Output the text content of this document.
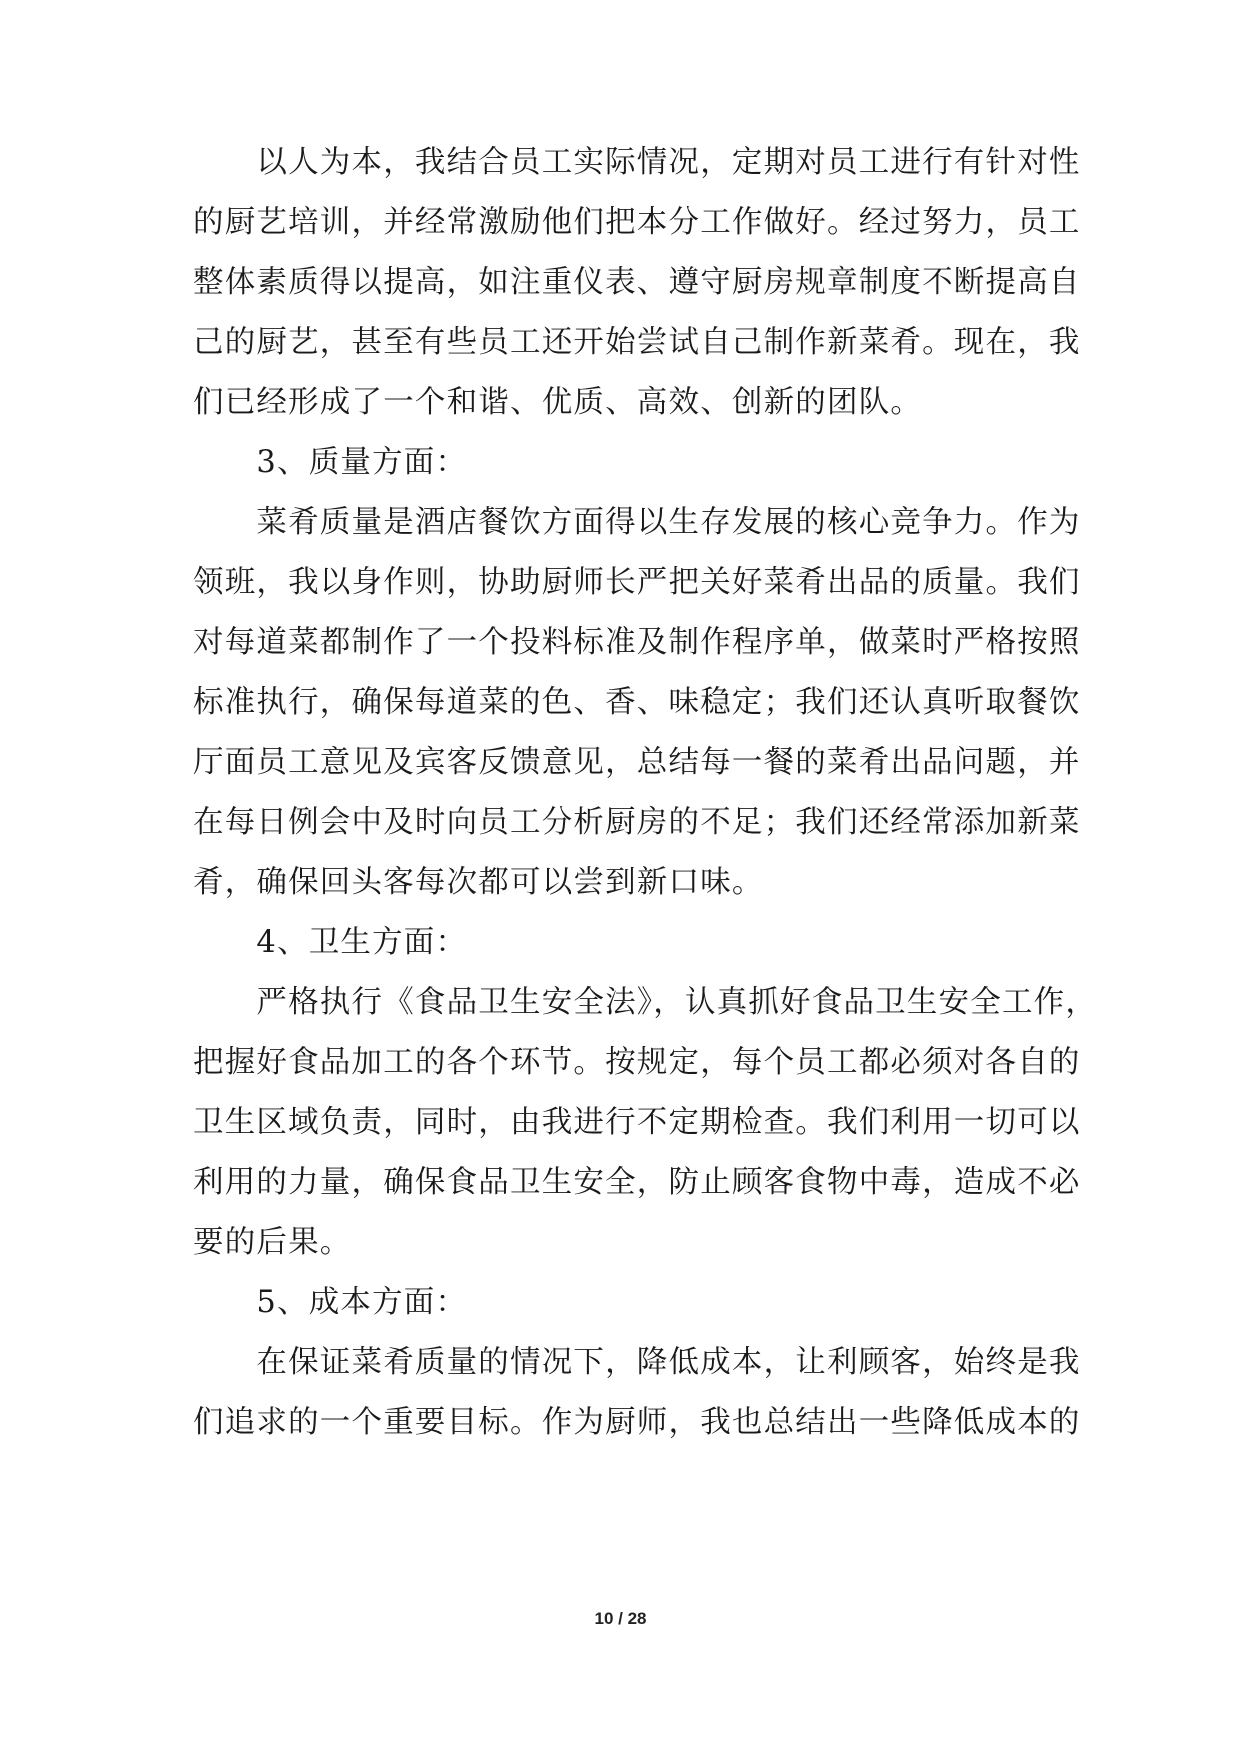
　　以人为本，我结合员工实际情况，定期对员工进行有针对性
的厨艺培训，并经常激励他们把本分工作做好。经过努力，员工
整体素质得以提高，如注重仪表、遵守厨房规章制度不断提高自
己的厨艺，甚至有些员工还开始尝试自己制作新菜肴。现在，我
们已经形成了一个和谐、优质、高效、创新的团队。
　　3、质量方面：
　　菜肴质量是酒店餐饮方面得以生存发展的核心竞争力。作为
领班，我以身作则，协助厨师长严把关好菜肴出品的质量。我们
对每道菜都制作了一个投料标准及制作程序单，做菜时严格按照
标准执行，确保每道菜的色、香、味稳定；我们还认真听取餐饮
厅面员工意见及宾客反馈意见，总结每一餐的菜肴出品问题，并
在每日例会中及时向员工分析厨房的不足；我们还经常添加新菜
肴，确保回头客每次都可以尝到新口味。
　　4、卫生方面：
　　严格执行《食品卫生安全法》，认真抓好食品卫生安全工作，
把握好食品加工的各个环节。按规定，每个员工都必须对各自的
卫生区域负责，同时，由我进行不定期检查。我们利用一切可以
利用的力量，确保食品卫生安全，防止顾客食物中毒，造成不必
要的后果。
　　5、成本方面：
　　在保证菜肴质量的情况下，降低成本，让利顾客，始终是我
们追求的一个重要目标。作为厨师，我也总结出一些降低成本的
10 / 28
